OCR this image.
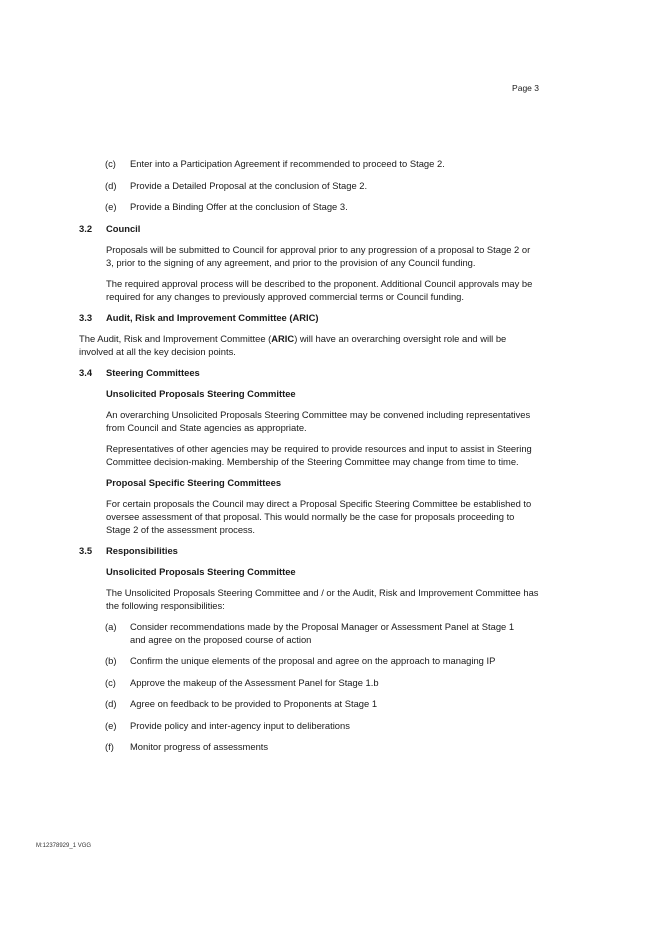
Page 3
(c)	Enter into a Participation Agreement if recommended to proceed to Stage 2.
(d)	Provide a Detailed Proposal at the conclusion of Stage 2.
(e)	Provide a Binding Offer at the conclusion of Stage 3.
3.2	Council

Proposals will be submitted to Council for approval prior to any progression of a proposal to Stage 2 or 3, prior to the signing of any agreement, and prior to the provision of any Council funding.

The required approval process will be described to the proponent. Additional Council approvals may be required for any changes to previously approved commercial terms or Council funding.

3.3	Audit, Risk and Improvement Committee (ARIC)

The Audit, Risk and Improvement Committee (ARIC) will have an overarching oversight role and will be involved at all the key decision points.

3.4	Steering Committees

Unsolicited Proposals Steering Committee

An overarching Unsolicited Proposals Steering Committee may be convened including representatives from Council and State agencies as appropriate.

Representatives of other agencies may be required to provide resources and input to assist in Steering Committee decision-making. Membership of the Steering Committee may change from time to time.

Proposal Specific Steering Committees

For certain proposals the Council may direct a Proposal Specific Steering Committee be established to oversee assessment of that proposal. This would normally be the case for proposals proceeding to Stage 2 of the assessment process.

3.5	Responsibilities

Unsolicited Proposals Steering Committee

The Unsolicited Proposals Steering Committee and / or the Audit, Risk and Improvement Committee has the following responsibilities:

(a)	Consider recommendations made by the Proposal Manager or Assessment Panel at Stage 1 and agree on the proposed course of action
(b)	Confirm the unique elements of the proposal and agree on the approach to managing IP
(c)	Approve the makeup of the Assessment Panel for Stage 1.b
(d)	Agree on feedback to be provided to Proponents at Stage 1
(e)	Provide policy and inter-agency input to deliberations
(f)	Monitor progress of assessments
M:12378929_1 VGG
